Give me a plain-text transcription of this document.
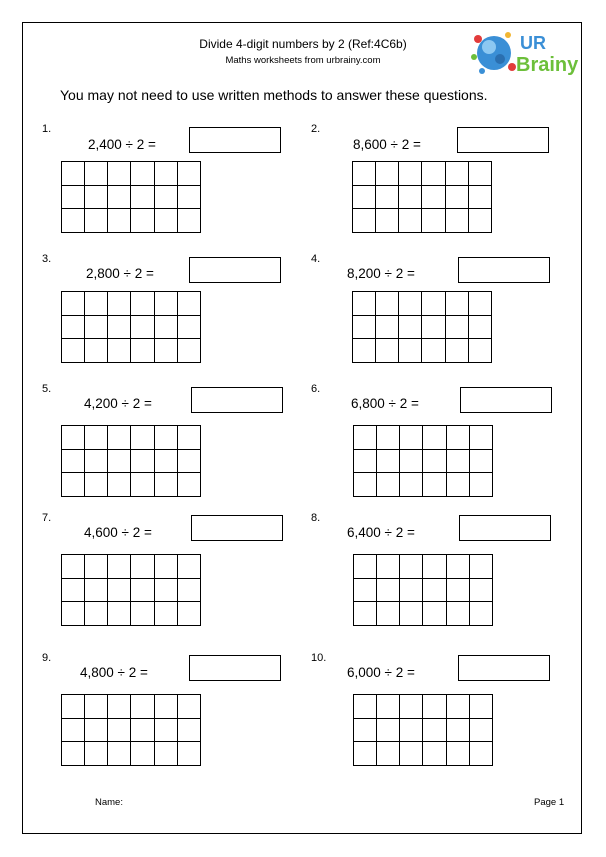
Divide 4-digit numbers by 2 (Ref:4C6b)
Maths worksheets from urbrainy.com
UR
Brainy
You may not need to use written methods to answer these questions.
1.
2,400 ÷ 2 =

2.
8,600 ÷ 2 =

3.
2,800 ÷ 2 =

4.
8,200 ÷ 2 =

5.
4,200 ÷ 2 =

6.
6,800 ÷ 2 =

7.
4,600 ÷ 2 =

8.
6,400 ÷ 2 =

9.
4,800 ÷ 2 =

10.
6,000 ÷ 2 =

Name:	Page 1
